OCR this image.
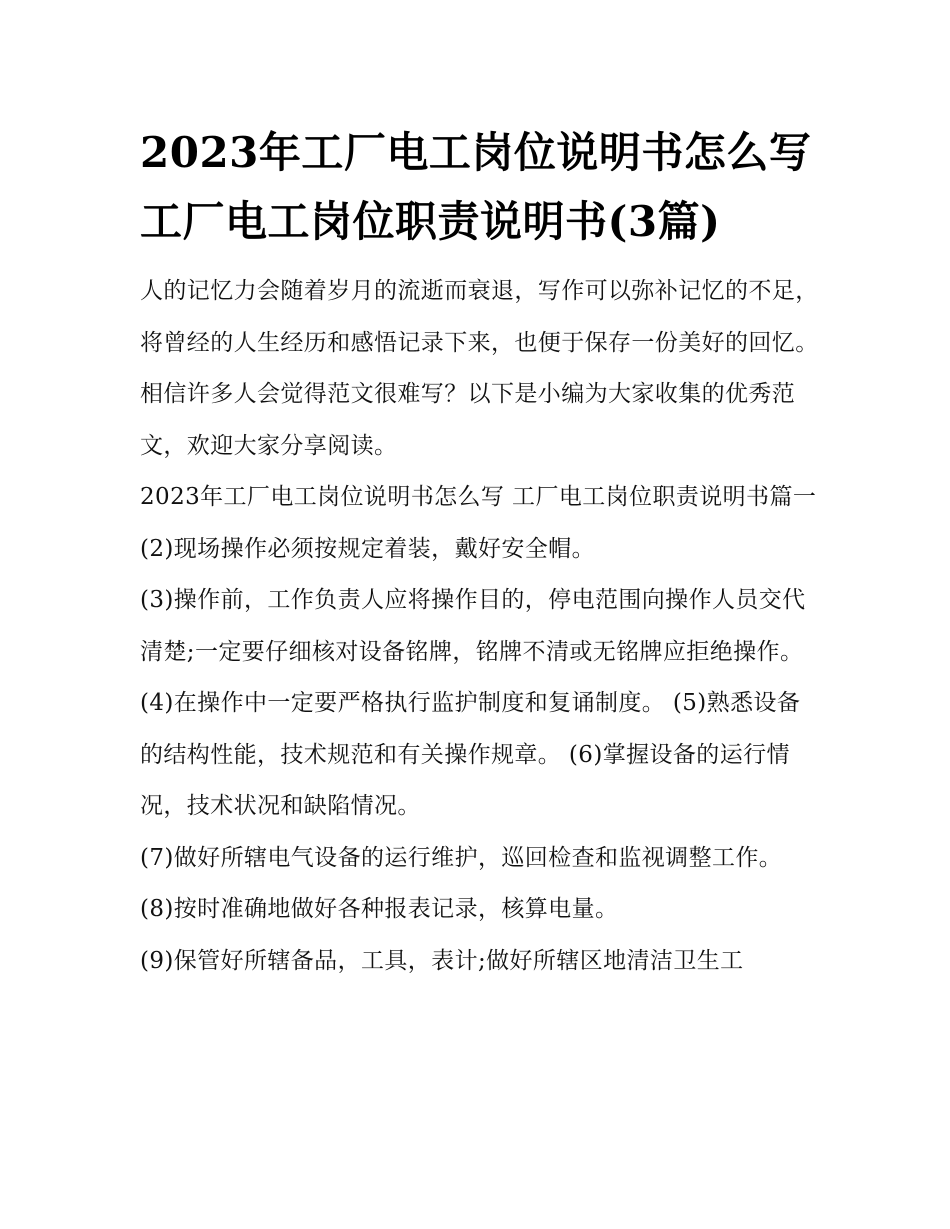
2023年工厂电工岗位说明书怎么写 工厂电工岗位职责说明书(3篇)

人的记忆力会随着岁月的流逝而衰退，写作可以弥补记忆的不足，将曾经的人生经历和感悟记录下来，也便于保存一份美好的回忆。相信许多人会觉得范文很难写？以下是小编为大家收集的优秀范文，欢迎大家分享阅读。

2023年工厂电工岗位说明书怎么写 工厂电工岗位职责说明书篇一 (2)现场操作必须按规定着装，戴好安全帽。

(3)操作前，工作负责人应将操作目的，停电范围向操作人员交代清楚;一定要仔细核对设备铭牌，铭牌不清或无铭牌应拒绝操作。

(4)在操作中一定要严格执行监护制度和复诵制度。 (5)熟悉设备的结构性能，技术规范和有关操作规章。 (6)掌握设备的运行情况，技术状况和缺陷情况。

(7)做好所辖电气设备的运行维护，巡回检查和监视调整工作。 (8)按时准确地做好各种报表记录，核算电量。

(9)保管好所辖备品，工具，表计;做好所辖区地清洁卫生工
